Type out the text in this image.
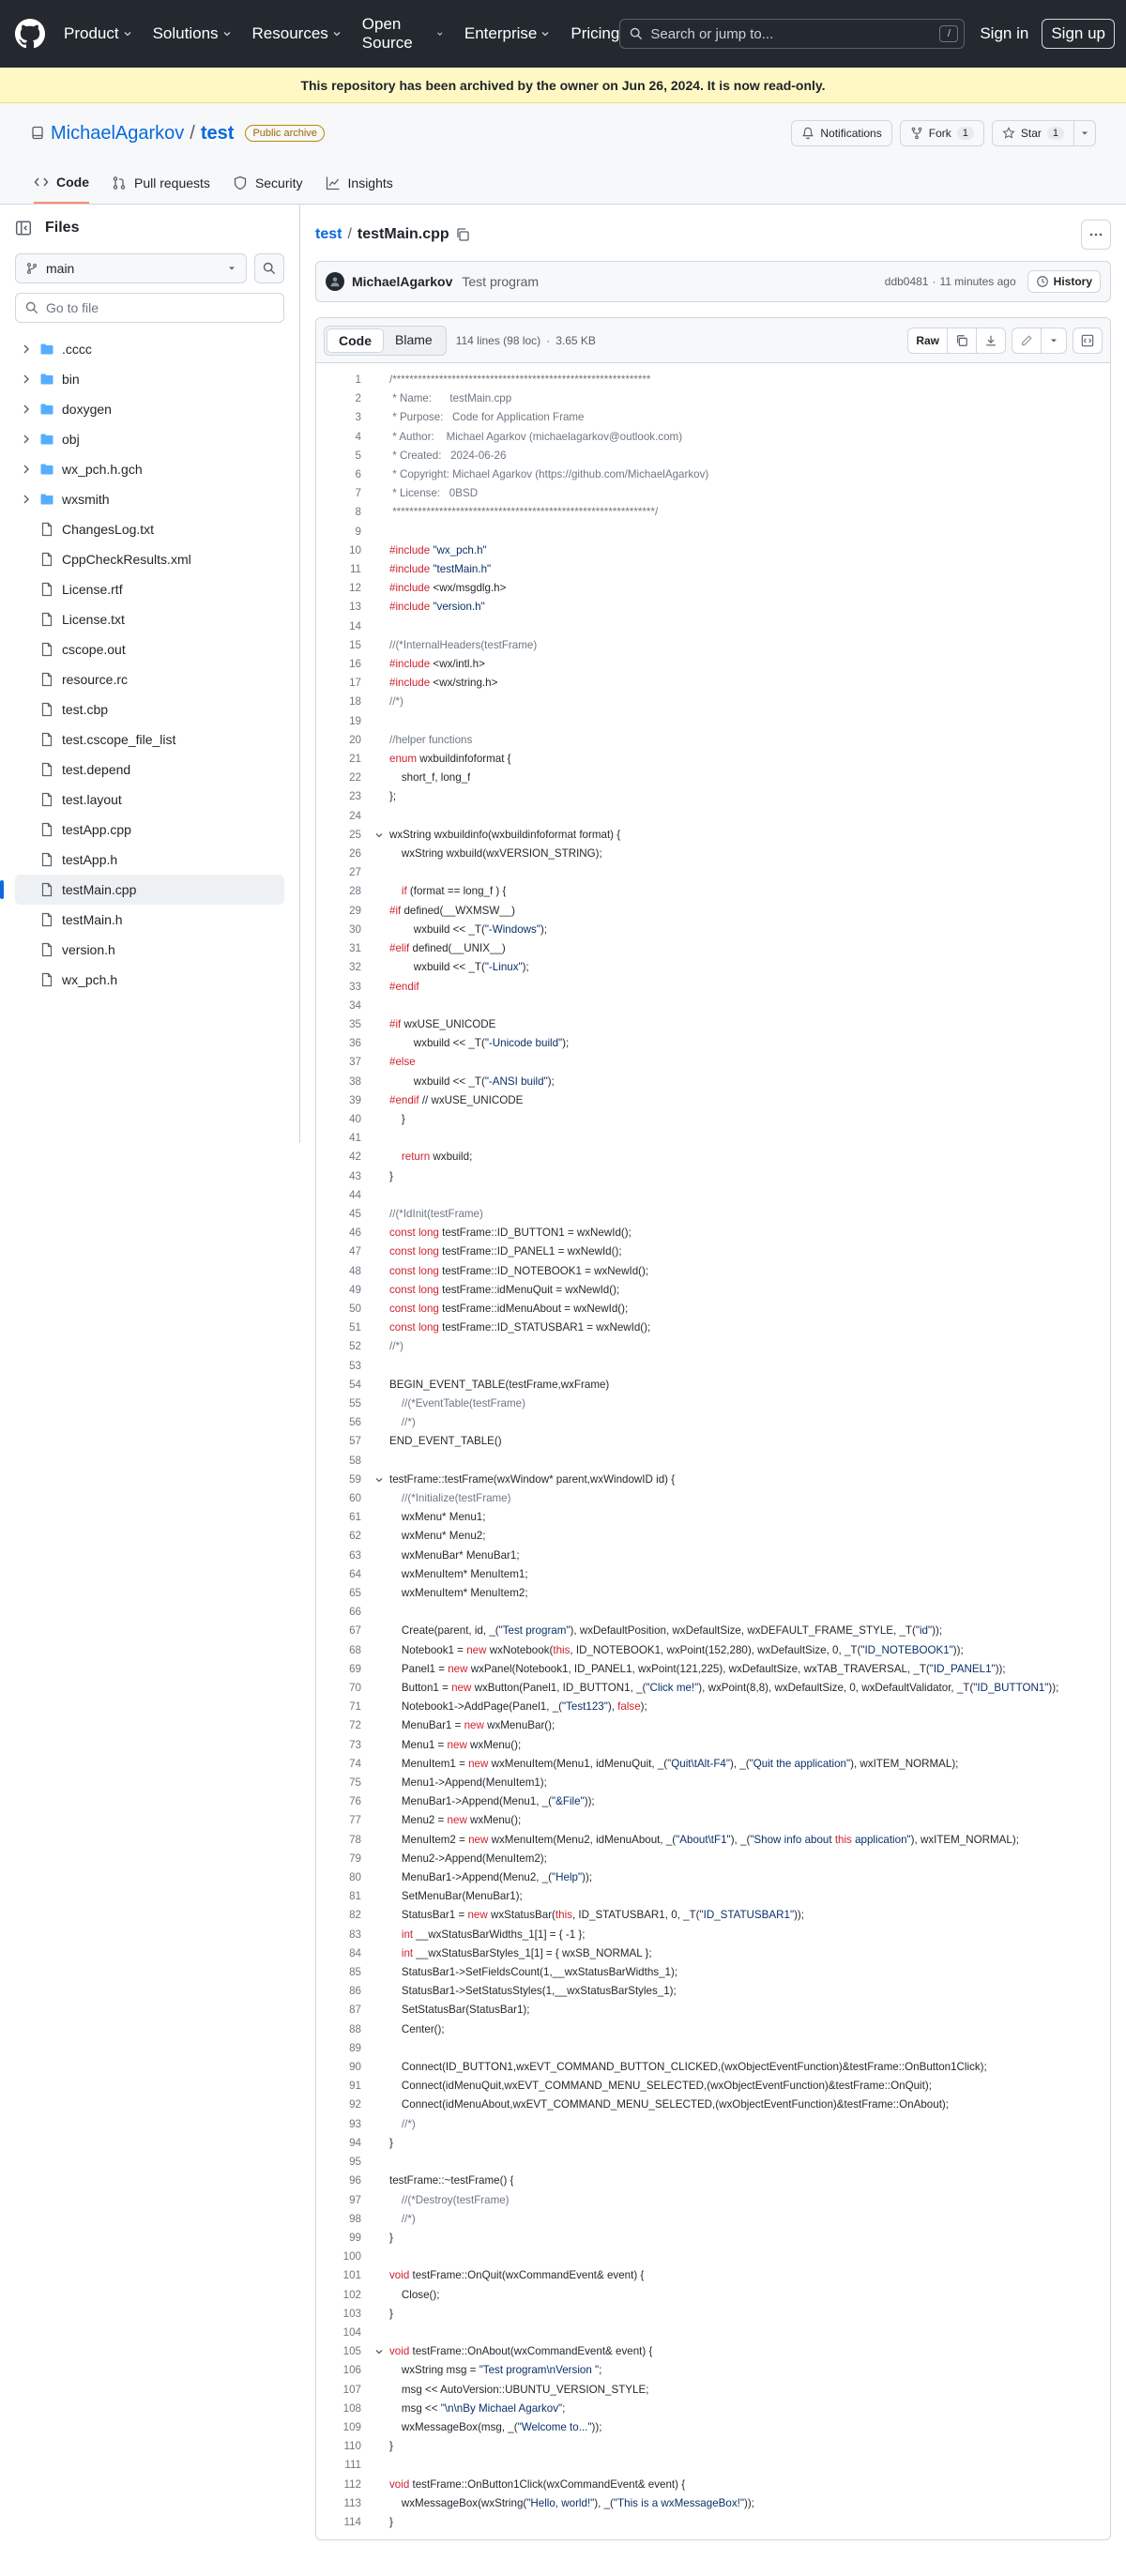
Product Solutions Resources
Open Source
Enterprise Pricing Search or jump to...	/	Sign in	Sign up
This repository has been archived by the owner on Jun 26, 2024. It is now read-only.
MichaelAgarkov / test	Public archive	Notifications	Fork	1	Star	1
Code	Pull requests	Security	Insights
Files
main
Go to file
.cccc
bin
doxygen
obj
wx_pch.h.gch
wxsmith
ChangesLog.txt
CppCheckResults.xml
License.rtf
License.txt
cscope.out
resource.rc
test.cbp
test.cscope_file_list
test.depend
test.layout
testApp.cpp
testApp.h
testMain.cpp
testMain.h
version.h
wx_pch.h
test / testMain.cpp
MichaelAgarkov Test program	ddb0481 · 11 minutes ago	History
Code	Blame	114 lines (98 loc) · 3.65 KB	Raw
1	/*************************************************************
2	* Name:      testMain.cpp
3	* Purpose:   Code for Application Frame
4	* Author:    Michael Agarkov (michaelagarkov@outlook.com)
5	* Created:   2024-06-26
6	* Copyright: Michael Agarkov (https://github.com/MichaelAgarkov)
7	* License:   0BSD
8	**************************************************************/
9
10	#include "wx_pch.h"
11	#include "testMain.h"
12	#include <wx/msgdlg.h>
13	#include "version.h"
14
15	//(*InternalHeaders(testFrame)
16	#include <wx/intl.h>
17	#include <wx/string.h>
18	//*)
19
20	//helper functions
21	enum wxbuildinfoformat {
22	short_f, long_f
23	};
24
25	wxString wxbuildinfo(wxbuildinfoformat format) {
26	wxString wxbuild(wxVERSION_STRING);
27
28	if (format == long_f ) {
29	#if defined(__WXMSW__)
30	wxbuild << _T("-Windows");
31	#elif defined(__UNIX__)
32	wxbuild << _T("-Linux");
33	#endif
34
35	#if wxUSE_UNICODE
36	wxbuild << _T("-Unicode build");
37	#else
38	wxbuild << _T("-ANSI build");
39	#endif // wxUSE_UNICODE
40	}
41
42	return wxbuild;
43	}
44
45	//(*IdInit(testFrame)
46	const long testFrame::ID_BUTTON1 = wxNewId();
47	const long testFrame::ID_PANEL1 = wxNewId();
48	const long testFrame::ID_NOTEBOOK1 = wxNewId();
49	const long testFrame::idMenuQuit = wxNewId();
50	const long testFrame::idMenuAbout = wxNewId();
51	const long testFrame::ID_STATUSBAR1 = wxNewId();
52	//*)
53
54	BEGIN_EVENT_TABLE(testFrame,wxFrame)
55	//(*EventTable(testFrame)
56	//*)
57	END_EVENT_TABLE()
58
59	testFrame::testFrame(wxWindow* parent,wxWindowID id) {
60	//(*Initialize(testFrame)
61	wxMenu* Menu1;
62	wxMenu* Menu2;
63	wxMenuBar* MenuBar1;
64	wxMenuItem* MenuItem1;
65	wxMenuItem* MenuItem2;
66
67	Create(parent, id, _("Test program"), wxDefaultPosition, wxDefaultSize, wxDEFAULT_FRAME_STYLE, _T("id"));
68	Notebook1 = new wxNotebook(this, ID_NOTEBOOK1, wxPoint(152,280), wxDefaultSize, 0, _T("ID_NOTEBOOK1"));
69	Panel1 = new wxPanel(Notebook1, ID_PANEL1, wxPoint(121,225), wxDefaultSize, wxTAB_TRAVERSAL, _T("ID_PANEL1"));
70	Button1 = new wxButton(Panel1, ID_BUTTON1, _("Click me!"), wxPoint(8,8), wxDefaultSize, 0, wxDefaultValidator, _T("ID_BUTTON1"));
71	Notebook1->AddPage(Panel1, _("Test123"), false);
72	MenuBar1 = new wxMenuBar();
73	Menu1 = new wxMenu();
74	MenuItem1 = new wxMenuItem(Menu1, idMenuQuit, _("Quit\tAlt-F4"), _("Quit the application"), wxITEM_NORMAL);
75	Menu1->Append(MenuItem1);
76	MenuBar1->Append(Menu1, _("&File"));
77	Menu2 = new wxMenu();
78	MenuItem2 = new wxMenuItem(Menu2, idMenuAbout, _("About\tF1"), _("Show info about this application"), wxITEM_NORMAL);
79	Menu2->Append(MenuItem2);
80	MenuBar1->Append(Menu2, _("Help"));
81	SetMenuBar(MenuBar1);
82	StatusBar1 = new wxStatusBar(this, ID_STATUSBAR1, 0, _T("ID_STATUSBAR1"));
83	int __wxStatusBarWidths_1[1] = { -1 };
84	int __wxStatusBarStyles_1[1] = { wxSB_NORMAL };
85	StatusBar1->SetFieldsCount(1,__wxStatusBarWidths_1);
86	StatusBar1->SetStatusStyles(1,__wxStatusBarStyles_1);
87	SetStatusBar(StatusBar1);
88	Center();
89
90	Connect(ID_BUTTON1,wxEVT_COMMAND_BUTTON_CLICKED,(wxObjectEventFunction)&testFrame::OnButton1Click);
91	Connect(idMenuQuit,wxEVT_COMMAND_MENU_SELECTED,(wxObjectEventFunction)&testFrame::OnQuit);
92	Connect(idMenuAbout,wxEVT_COMMAND_MENU_SELECTED,(wxObjectEventFunction)&testFrame::OnAbout);
93	//*)
94	}
95
96	testFrame::~testFrame() {
97	//(*Destroy(testFrame)
98	//*)
99	}
100
101	void testFrame::OnQuit(wxCommandEvent& event) {
102	Close();
103	}
104
105	void testFrame::OnAbout(wxCommandEvent& event) {
106	wxString msg = "Test program\nVersion ";
107	msg << AutoVersion::UBUNTU_VERSION_STYLE;
108	msg << "\n\nBy Michael Agarkov";
109	wxMessageBox(msg, _("Welcome to..."));
110	}
111
112	void testFrame::OnButton1Click(wxCommandEvent& event) {
113	wxMessageBox(wxString("Hello, world!"), _("This is a wxMessageBox!"));
114	}
